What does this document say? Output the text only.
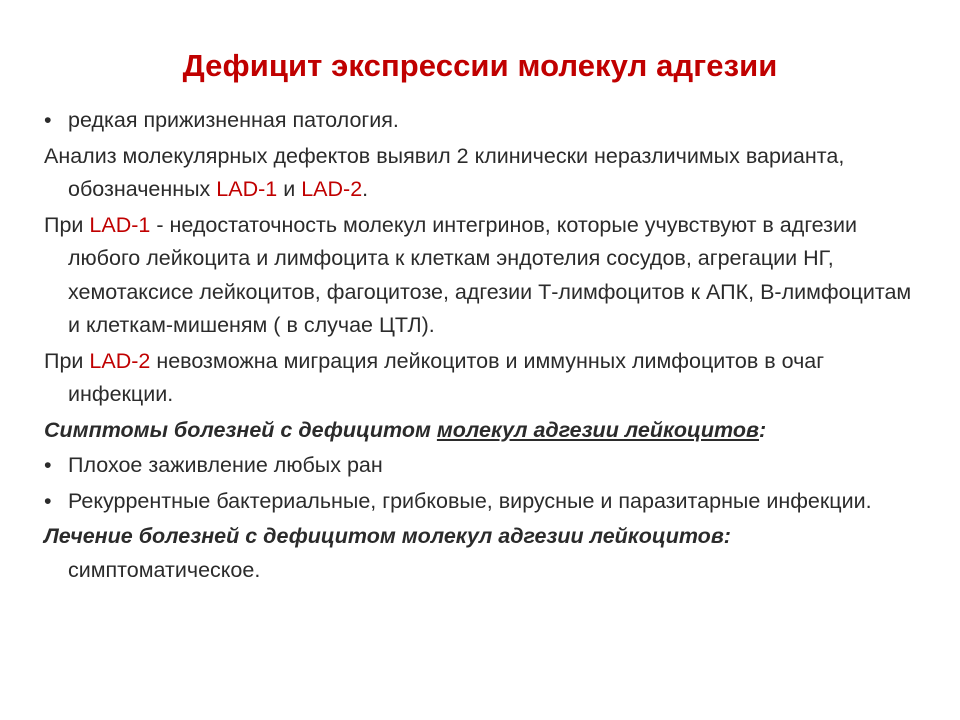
Дефицит экспрессии молекул адгезии
• редкая прижизненная патология.
Анализ молекулярных дефектов выявил 2 клинически неразличимых варианта, обозначенных LAD-1 и LAD-2.
При LAD-1 - недостаточность молекул интегринов, которые учувствуют в адгезии любого лейкоцита и лимфоцита к клеткам эндотелия сосудов, агрегации НГ, хемотаксисе лейкоцитов, фагоцитозе, адгезии Т-лимфоцитов к АПК, В-лимфоцитам и клеткам-мишеням ( в случае ЦТЛ).
При LAD-2 невозможна миграция лейкоцитов и иммунных лимфоцитов в очаг инфекции.
Симптомы болезней с дефицитом молекул адгезии лейкоцитов:
• Плохое заживление любых ран
• Рекуррентные бактериальные, грибковые, вирусные и паразитарные инфекции.
Лечение болезней с дефицитом молекул адгезии лейкоцитов: симптоматическое.
